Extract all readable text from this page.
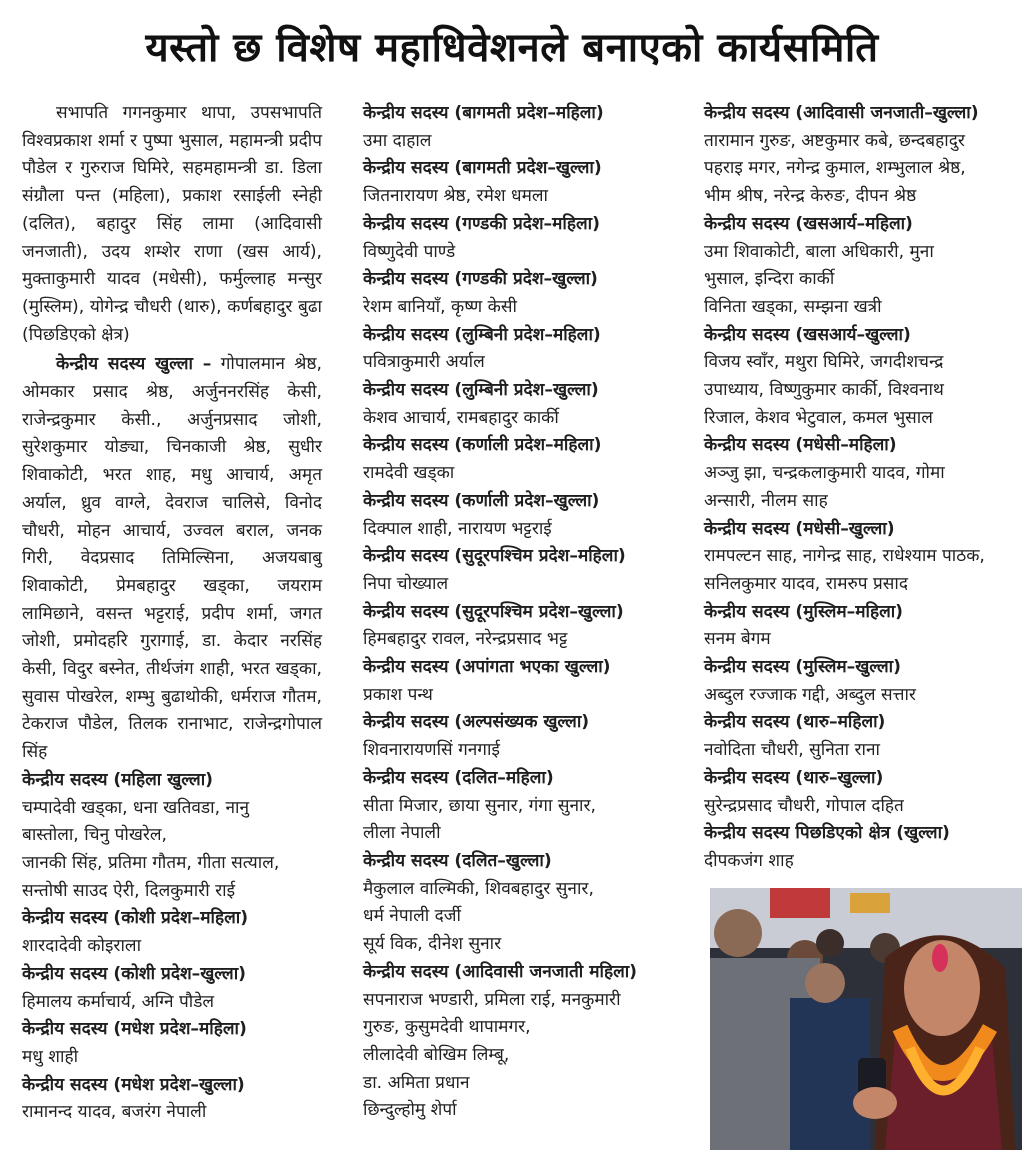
यस्तो छ विशेष महाधिवेशनले बनाएको कार्यसमिति
सभापति गगनकुमार थापा, उपसभापति विश्वप्रकाश शर्मा र पुष्पा भुसाल, महामन्त्री प्रदीप पौडेल र गुरुराज घिमिरे, सहमहामन्त्री डा. डिला संग्रौला पन्त (महिला), प्रकाश रसाईली स्नेही (दलित), बहादुर सिंह लामा (आदिवासी जनजाती), उदय शम्शेर राणा (खस आर्य), मुक्ताकुमारी यादव (मधेसी), फर्मुल्लाह मन्सुर (मुस्लिम), योगेन्द्र चौधरी (थारु), कर्णबहादुर बुढा (पिछडिएको क्षेत्र)
केन्द्रीय सदस्य खुल्ला – गोपालमान श्रेष्ठ, ओमकार प्रसाद श्रेष्ठ, अर्जुननरसिंह केसी, राजेन्द्रकुमार केसी., अर्जुनप्रसाद जोशी, सुरेशकुमार योङ्या, चिनकाजी श्रेष्ठ, सुधीर शिवाकोटी, भरत शाह, मधु आचार्य, अमृत अर्याल, ध्रुव वाग्ले, देवराज चालिसे, विनोद चौधरी, मोहन आचार्य, उज्वल बराल, जनक गिरी, वेदप्रसाद तिमिल्सिना, अजयबाबु शिवाकोटी, प्रेमबहादुर खड्का, जयराम लामिछाने, वसन्त भट्टराई, प्रदीप शर्मा, जगत जोशी, प्रमोदहरि गुरागाई, डा. केदार नरसिंह केसी, विदुर बस्नेत, तीर्थजंग शाही, भरत खड्का, सुवास पोखरेल, शम्भु बुढाथोकी, धर्मराज गौतम, टेकराज पौडेल, तिलक रानाभाट, राजेन्द्रगोपाल सिंह
केन्द्रीय सदस्य (महिला खुल्ला)
चम्पादेवी खड्का, धना खतिवडा, नानु
बास्तोला, चिनु पोखरेल,
जानकी सिंह, प्रतिमा गौतम, गीता सत्याल,
सन्तोषी साउद ऐरी, दिलकुमारी राई
केन्द्रीय सदस्य (कोशी प्रदेश–महिला)
शारदादेवी कोइराला
केन्द्रीय सदस्य (कोशी प्रदेश–खुल्ला)
हिमालय कर्माचार्य, अग्नि पौडेल
केन्द्रीय सदस्य (मधेश प्रदेश–महिला)
मधु शाही
केन्द्रीय सदस्य (मधेश प्रदेश–खुल्ला)
रामानन्द यादव, बजरंग नेपाली
केन्द्रीय सदस्य (बागमती प्रदेश–महिला)
उमा दाहाल
केन्द्रीय सदस्य (बागमती प्रदेश–खुल्ला)
जितनारायण श्रेष्ठ, रमेश धमला
केन्द्रीय सदस्य (गण्डकी प्रदेश–महिला)
विष्णुदेवी पाण्डे
केन्द्रीय सदस्य (गण्डकी प्रदेश–खुल्ला)
रेशम बानियाँ, कृष्ण केसी
केन्द्रीय सदस्य (लुम्बिनी प्रदेश–महिला)
पवित्राकुमारी अर्याल
केन्द्रीय सदस्य (लुम्बिनी प्रदेश–खुल्ला)
केशव आचार्य, रामबहादुर कार्की
केन्द्रीय सदस्य (कर्णाली प्रदेश–महिला)
रामदेवी खड्का
केन्द्रीय सदस्य (कर्णाली प्रदेश–खुल्ला)
दिक्पाल शाही, नारायण भट्टराई
केन्द्रीय सदस्य (सुदूरपश्चिम प्रदेश–महिला)
निपा चोख्याल
केन्द्रीय सदस्य (सुदूरपश्चिम प्रदेश–खुल्ला)
हिमबहादुर रावल, नरेन्द्रप्रसाद भट्ट
केन्द्रीय सदस्य (अपांगता भएका खुल्ला)
प्रकाश पन्थ
केन्द्रीय सदस्य (अल्पसंख्यक खुल्ला)
शिवनारायणसिं गनगाई
केन्द्रीय सदस्य (दलित–महिला)
सीता मिजार, छाया सुनार, गंगा सुनार,
लीला नेपाली
केन्द्रीय सदस्य (दलित–खुल्ला)
मैकुलाल वाल्मिकी, शिवबहादुर सुनार,
धर्म नेपाली दर्जी
सूर्य विक, दीनेश सुनार
केन्द्रीय सदस्य (आदिवासी जनजाती महिला)
सपनाराज भण्डारी, प्रमिला राई, मनकुमारी
गुरुङ, कुसुमदेवी थापामगर,
लीलादेवी बोखिम लिम्बू,
डा. अमिता प्रधान
छिन्दुल्होमु शेर्पा
केन्द्रीय सदस्य (आदिवासी जनजाती–खुल्ला)
तारामान गुरुङ, अष्टकुमार कबे, छन्दबहादुर
पहराइ मगर, नगेन्द्र कुमाल, शम्भुलाल श्रेष्ठ,
भीम श्रीष, नरेन्द्र केरुङ, दीपन श्रेष्ठ
केन्द्रीय सदस्य (खसआर्य–महिला)
उमा शिवाकोटी, बाला अधिकारी, मुना
भुसाल, इन्दिरा कार्की
विनिता खड्का, सम्झना खत्री
केन्द्रीय सदस्य (खसआर्य–खुल्ला)
विजय स्वाँर, मथुरा घिमिरे, जगदीशचन्द्र
उपाध्याय, विष्णुकुमार कार्की, विश्वनाथ
रिजाल, केशव भेटुवाल, कमल भुसाल
केन्द्रीय सदस्य (मधेसी–महिला)
अञ्जु झा, चन्द्रकलाकुमारी यादव, गोमा
अन्सारी, नीलम साह
केन्द्रीय सदस्य (मधेसी–खुल्ला)
रामपल्टन साह, नागेन्द्र साह, राधेश्याम पाठक,
सनिलकुमार यादव, रामरुप प्रसाद
केन्द्रीय सदस्य (मुस्लिम–महिला)
सनम बेगम
केन्द्रीय सदस्य (मुस्लिम–खुल्ला)
अब्दुल रज्जाक गद्दी, अब्दुल सत्तार
केन्द्रीय सदस्य (थारु–महिला)
नवोदिता चौधरी, सुनिता राना
केन्द्रीय सदस्य (थारु–खुल्ला)
सुरेन्द्रप्रसाद चौधरी, गोपाल दहित
केन्द्रीय सदस्य पिछडिएको क्षेत्र (खुल्ला)
दीपकजंग शाह
